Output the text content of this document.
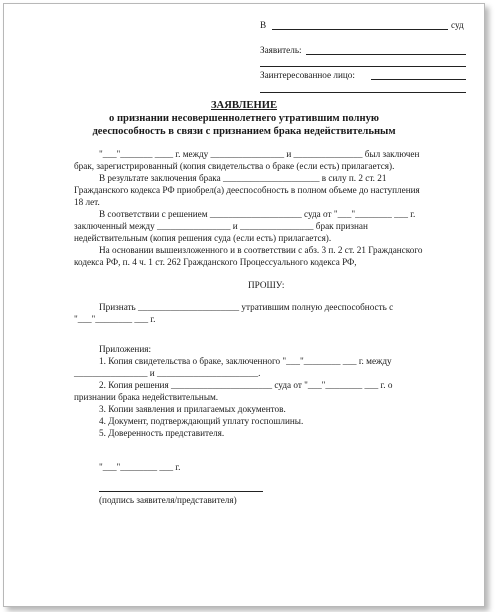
В	суд
Заявитель:
Заинтересованное лицо:
ЗАЯВЛЕНИЕ
о признании несовершеннолетнего утратившим полную
дееспособность в связи с признанием брака недействительным
"___"_______ ____ г. между ________________ и _______________ был заключен
брак, зарегистрированный (копия свидетельства о браке (если есть) прилагается).
В результате заключения брака _____________________ в силу п. 2 ст. 21
Гражданского кодекса РФ приобрел(а) дееспособность в полном объеме до наступления
18 лет.
В соответствии с решением ____________________ суда от "___"________ ___ г.
заключенный между ________________ и ________________ брак признан
недействительным (копия решения суда (если есть) прилагается).
На основании вышеизложенного и в соответствии с абз. 3 п. 2 ст. 21 Гражданского
кодекса РФ, п. 4 ч. 1 ст. 262 Гражданского Процессуального кодекса РФ,
ПРОШУ:
Признать ______________________ утратившим полную дееспособность с
"___"________ ___ г.
Приложения:
1. Копия свидетельства о браке, заключенного "___"________ ___ г. между
________________ и ______________________.
2. Копия решения ______________________ суда от "___"________ ___ г. о
признании брака недействительным.
3. Копии заявления и прилагаемых документов.
4. Документ, подтверждающий уплату госпошлины.
5. Доверенность представителя.
"___"________ ___ г.
(подпись заявителя/представителя)
